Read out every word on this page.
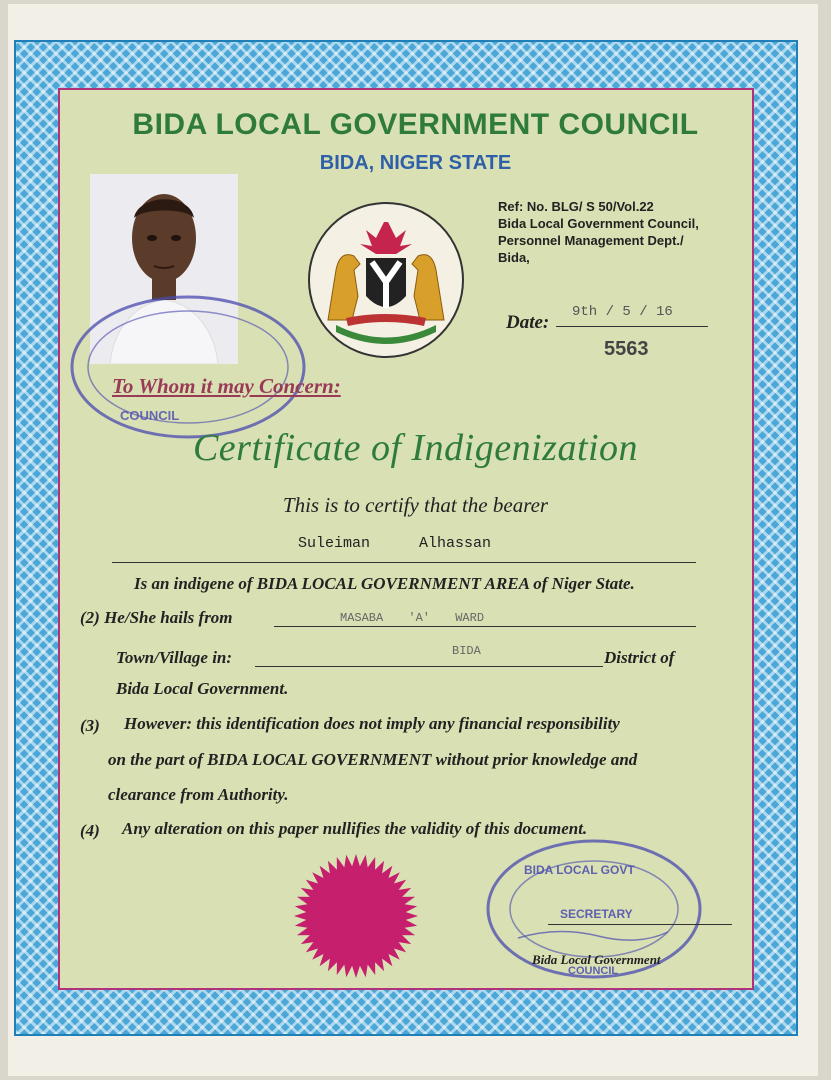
BIDA LOCAL GOVERNMENT COUNCIL
BIDA, NIGER STATE
Ref: No. BLG/ S 50/Vol.22
Bida Local Government Council,
Personnel Management Dept./
Bida,
Date: 9th / 5 / 16
5563
COUNCIL
To Whom it may Concern:
Certificate of Indigenization
This is to certify that the bearer
Suleiman	Alhassan
Is an indigene of BIDA LOCAL GOVERNMENT AREA of Niger State.
(2) He/She hails from	MASABA 'A' WARD
Town/Village in:	BIDA	District of
Bida Local Government.
(3) However: this identification does not imply any financial responsibility
on the part of BIDA LOCAL GOVERNMENT without prior knowledge and
clearance from Authority.
(4) Any alteration on this paper nullifies the validity of this document.
BIDA LOCAL GOVT
SECRETARY
COUNCIL
Bida Local Government
